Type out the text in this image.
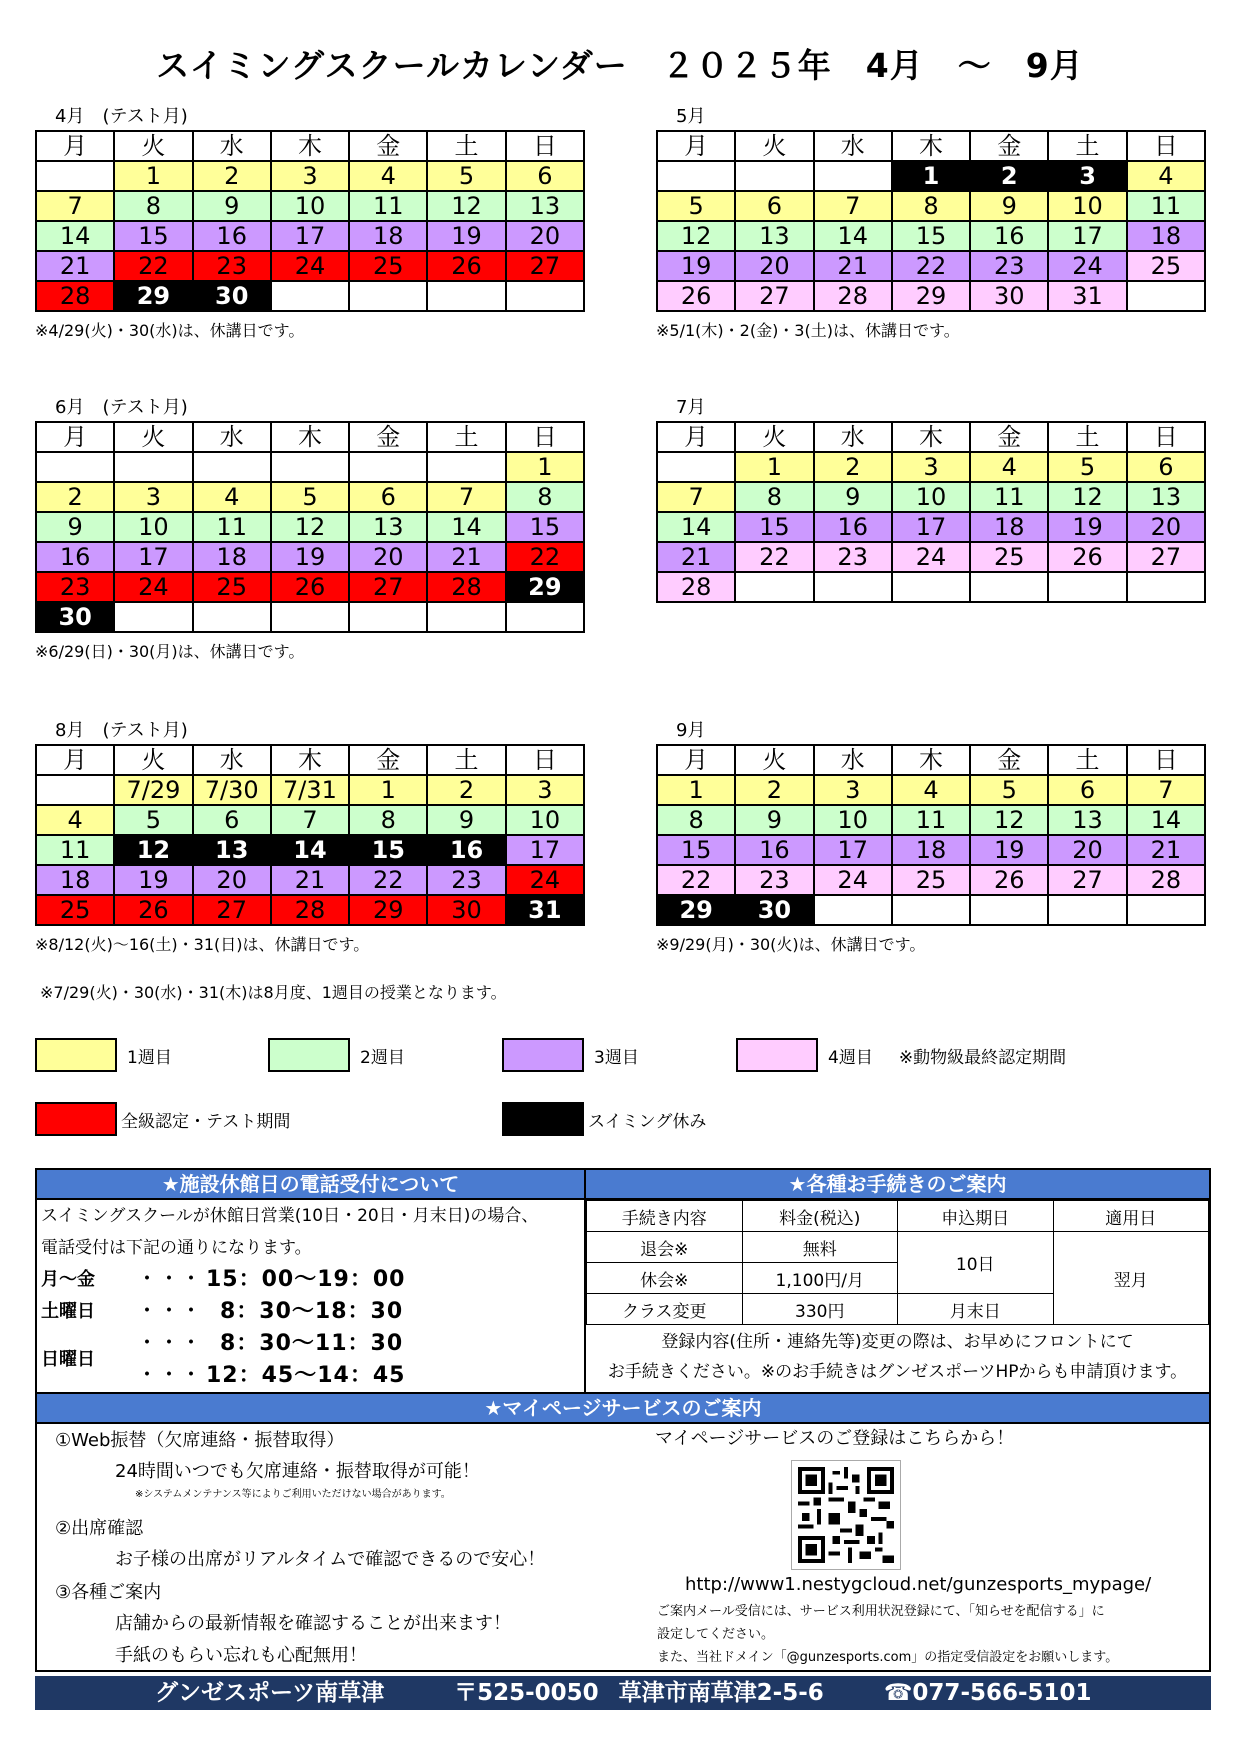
スイミングスクールカレンダー　２０２５年　4月　～　9月
4月　(テスト月)
月	火	水	木	金	土	日
	1	2	3	4	5	6
7	8	9	10	11	12	13
14	15	16	17	18	19	20
21	22	23	24	25	26	27
28	29	30				
※4/29(火)・30(水)は、休講日です。
5月
月	火	水	木	金	土	日
			1	2	3	4
5	6	7	8	9	10	11
12	13	14	15	16	17	18
19	20	21	22	23	24	25
26	27	28	29	30	31	
※5/1(木)・2(金)・3(土)は、休講日です。
6月　(テスト月)
月	火	水	木	金	土	日
						1
2	3	4	5	6	7	8
9	10	11	12	13	14	15
16	17	18	19	20	21	22
23	24	25	26	27	28	29
30						
※6/29(日)・30(月)は、休講日です。
7月
月	火	水	木	金	土	日
	1	2	3	4	5	6
7	8	9	10	11	12	13
14	15	16	17	18	19	20
21	22	23	24	25	26	27
28						
8月　(テスト月)
月	火	水	木	金	土	日
	7/29	7/30	7/31	1	2	3
4	5	6	7	8	9	10
11	12	13	14	15	16	17
18	19	20	21	22	23	24
25	26	27	28	29	30	31
※8/12(火)～16(土)・31(日)は、休講日です。
9月
月	火	水	木	金	土	日
1	2	3	4	5	6	7
8	9	10	11	12	13	14
15	16	17	18	19	20	21
22	23	24	25	26	27	28
29	30					
※9/29(月)・30(火)は、休講日です。
※7/29(火)・30(水)・31(木)は8月度、1週目の授業となります。
1週目	2週目	3週目	4週目 ※動物級最終認定期間
全級認定・テスト期間	スイミング休み
★施設休館日の電話受付について
スイミングスクールが休館日営業(10日・20日・月末日)の場合、
電話受付は下記の通りになります。
月～金	・・・ 15：00～19：00
土曜日	・・・ 8：30～18：30
日曜日
・・・ 8：30～11：30
・・・ 12：45～14：45
★各種お手続きのご案内
手続き内容	料金(税込)	申込期日	適用日
退会※	無料	10日	翌月
休会※	1,100円/月		
クラス変更	330円	月末日	
登録内容(住所・連絡先等)変更の際は、お早めにフロントにて
お手続きください。※のお手続きはグンゼスポーツHPからも申請頂けます。
★マイページサービスのご案内
①Web振替（欠席連絡・振替取得）
24時間いつでも欠席連絡・振替取得が可能！
※システムメンテナンス等によりご利用いただけない場合があります。
②出席確認
お子様の出席がリアルタイムで確認できるので安心！
③各種ご案内
店舗からの最新情報を確認することが出来ます！
手紙のもらい忘れも心配無用！
マイページサービスのご登録はこちらから！
http://www1.nestygcloud.net/gunzesports_mypage/
ご案内メール受信には、サービス利用状況登録にて、「知らせを配信する」に
設定してください。
また、当社ドメイン「@gunzesports.com」の指定受信設定をお願いします。
グンゼスポーツ南草津	〒525-0050 草津市南草津2-5-6	☎077-566-5101
